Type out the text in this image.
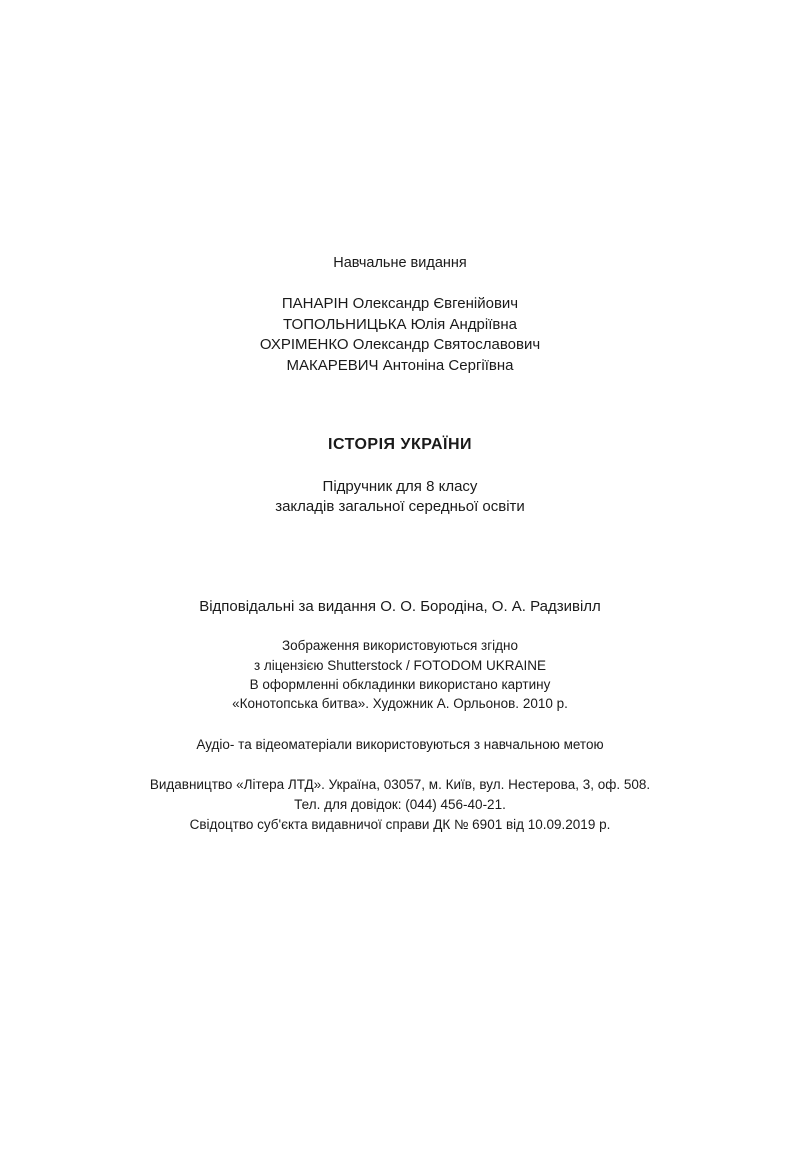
Навчальне видання
ПАНАРІН Олександр Євгенійович
ТОПОЛЬНИЦЬКА Юлія Андріївна
ОХРІМЕНКО Олександр Святославович
МАКАРЕВИЧ Антоніна Сергіївна
ІСТОРІЯ УКРАЇНИ
Підручник для 8 класу
закладів загальної середньої освіти
Відповідальні за видання О. О. Бородіна, О. А. Радзивілл
Зображення використовуються згідно
з ліцензією Shutterstock / FOTODOM UKRAINE
В оформленні обкладинки використано картину
«Конотопська битва». Художник А. Орльонов. 2010 р.
Аудіо- та відеоматеріали використовуються з навчальною метою
Видавництво «Літера ЛТД». Україна, 03057, м. Київ, вул. Нестерова, 3, оф. 508.
Тел. для довідок: (044) 456-40-21.
Свідоцтво суб'єкта видавничої справи ДК № 6901 від 10.09.2019 р.
